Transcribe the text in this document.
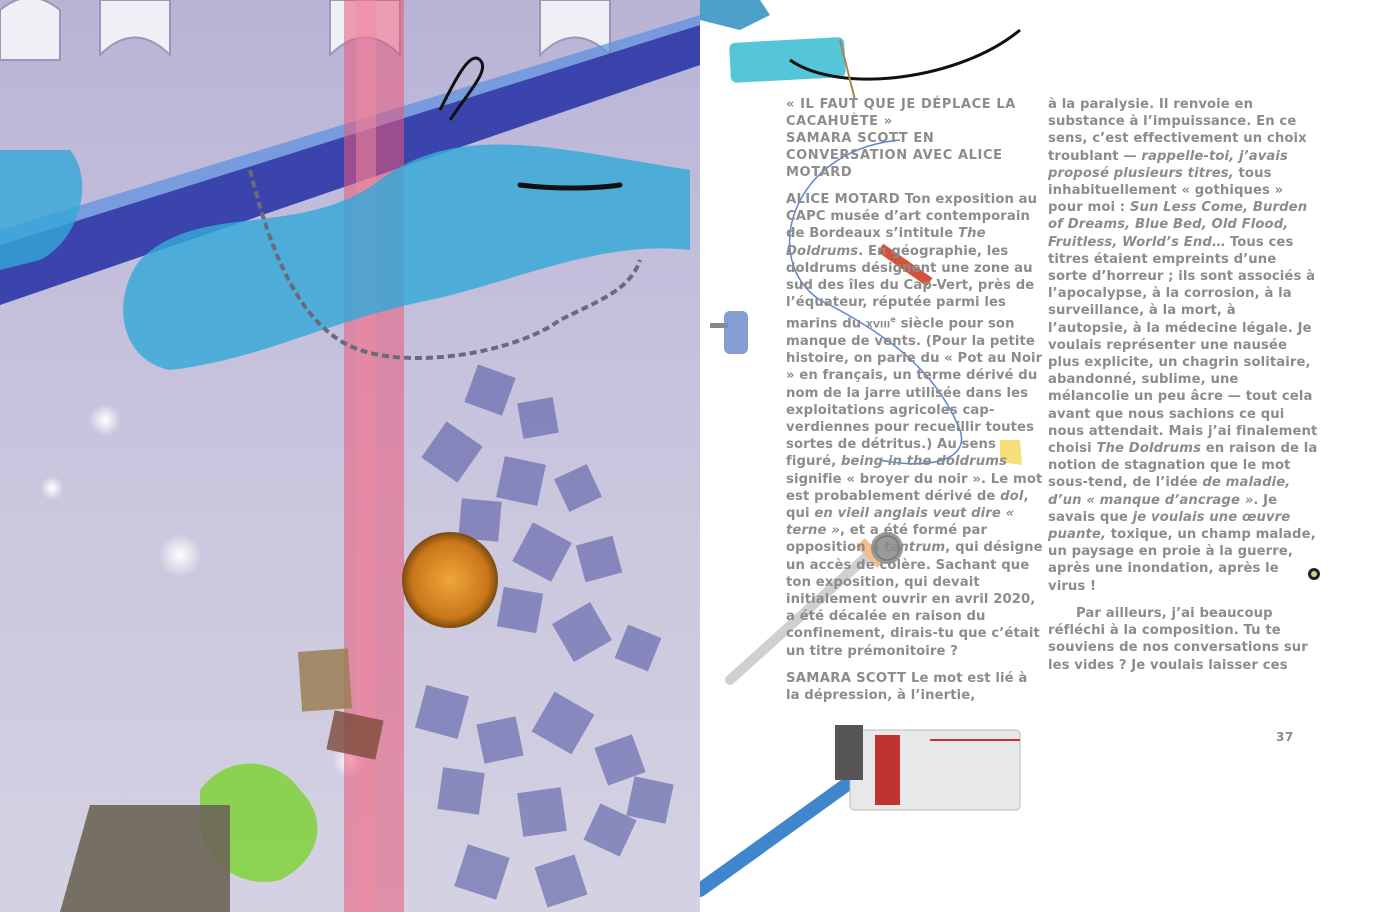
« IL FAUT QUE JE DÉPLACE LA CACAHUÈTE »
SAMARA SCOTT EN CONVERSATION AVEC ALICE MOTARD

ALICE MOTARD Ton exposition au CAPC musée d’art contemporain de Bordeaux s’intitule The Doldrums. En géographie, les doldrums désignent une zone au sud des îles du Cap-Vert, près de l’équateur, réputée parmi les marins du xviii$^e$ siècle pour son manque de vents. (Pour la petite histoire, on parle du « Pot au Noir » en français, un terme dérivé du nom de la jarre utilisée dans les exploitations agricoles cap-verdiennes pour recueillir toutes sortes de détritus.) Au sens figuré, being in the doldrums signifie « broyer du noir ». Le mot est probablement dérivé de dol, qui en vieil anglais veut dire « terne », et a été formé par opposition à tantrum, qui désigne un accès de colère. Sachant que ton exposition, qui devait initialement ouvrir en avril 2020, a été décalée en raison du confinement, dirais-tu que c’était un titre prémonitoire ?

SAMARA SCOTT Le mot est lié à la dépression, à l’inertie,

à la paralysie. Il renvoie en substance à l’impuissance. En ce sens, c’est effectivement un choix troublant — rappelle-toi, j’avais proposé plusieurs titres, tous inhabituellement « gothiques » pour moi : Sun Less Come, Burden of Dreams, Blue Bed, Old Flood, Fruitless, World’s End… Tous ces titres étaient empreints d’une sorte d’horreur ; ils sont associés à l’apocalypse, à la corrosion, à la surveillance, à la mort, à l’autopsie, à la médecine légale. Je voulais représenter une nausée plus explicite, un chagrin solitaire, abandonné, sublime, une mélancolie un peu âcre — tout cela avant que nous sachions ce qui nous attendait. Mais j’ai finalement choisi The Doldrums en raison de la notion de stagnation que le mot sous-tend, de l’idée de maladie, d’un « manque d’ancrage ». Je savais que je voulais une œuvre puante, toxique, un champ malade, un paysage en proie à la guerre, après une inondation, après le virus !

Par ailleurs, j’ai beaucoup réfléchi à la composition. Tu te souviens de nos conversations sur les vides ? Je voulais laisser ces

37
